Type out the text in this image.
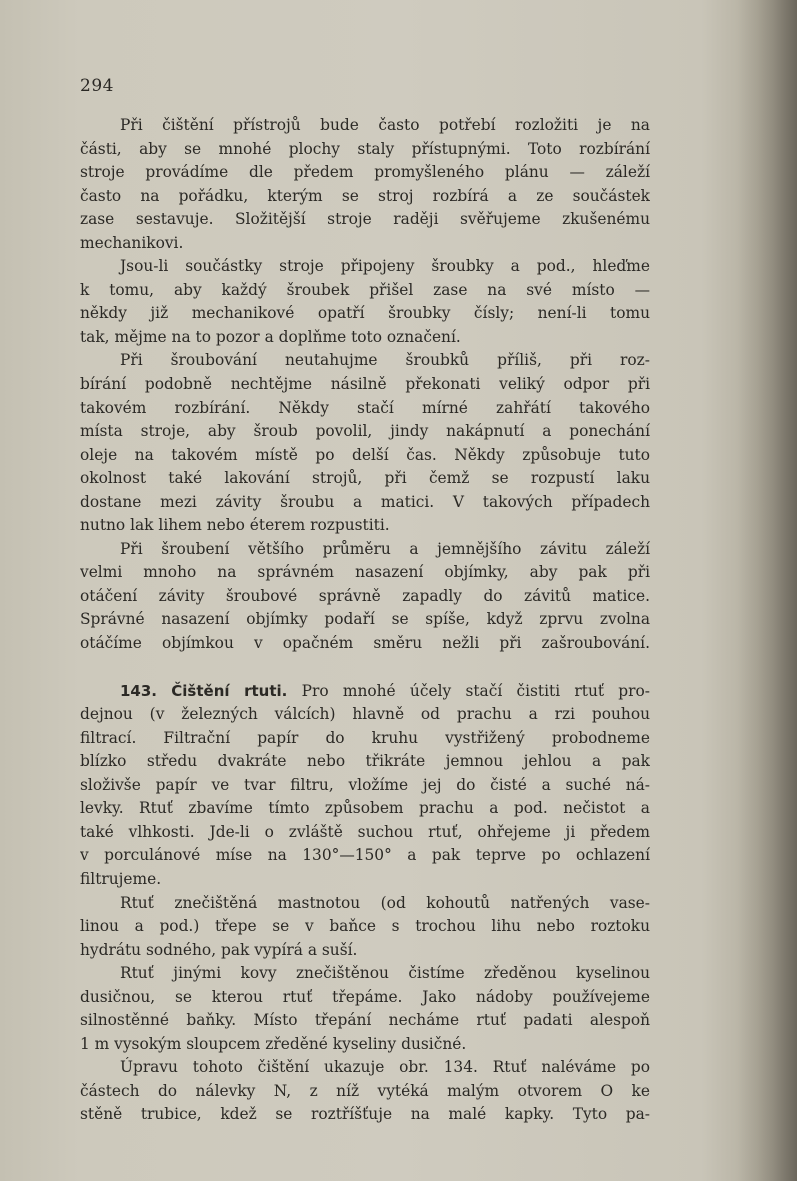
294
Při čištění přístrojů bude často potřebí rozložiti je na
části, aby se mnohé plochy staly přístupnými. Toto rozbírání
stroje provádíme dle předem promyšleného plánu — záleží
často na pořádku, kterým se stroj rozbírá a ze součástek
zase sestavuje. Složitější stroje raději svěřujeme zkušenému
mechanikovi.
Jsou-li součástky stroje připojeny šroubky a pod., hleďme
k tomu, aby každý šroubek přišel zase na své místo —
někdy již mechanikové opatří šroubky čísly; není-li tomu
tak, mějme na to pozor a doplňme toto označení.
Při šroubování neutahujme šroubků příliš, při roz-
bírání podobně nechtějme násilně překonati veliký odpor při
takovém rozbírání. Někdy stačí mírné zahřátí takového
místa stroje, aby šroub povolil, jindy nakápnutí a ponechání
oleje na takovém místě po delší čas. Někdy způsobuje tuto
okolnost také lakování strojů, při čemž se rozpustí laku
dostane mezi závity šroubu a matici. V takových případech
nutno lak lihem nebo éterem rozpustiti.
Při šroubení většího průměru a jemnějšího závitu záleží
velmi mnoho na správném nasazení objímky, aby pak při
otáčení závity šroubové správně zapadly do závitů matice.
Správné nasazení objímky podaří se spíše, když zprvu zvolna
otáčíme objímkou v opačném směru nežli při zašroubování.
143. Čištění rtuti. Pro mnohé účely stačí čistiti rtuť pro-
dejnou (v železných válcích) hlavně od prachu a rzi pouhou
filtrací. Filtrační papír do kruhu vystřižený probodneme
blízko středu dvakráte nebo třikráte jemnou jehlou a pak
složivše papír ve tvar filtru, vložíme jej do čisté a suché ná-
levky. Rtuť zbavíme tímto způsobem prachu a pod. nečistot a
také vlhkosti. Jde-li o zvláště suchou rtuť, ohřejeme ji předem
v porculánové míse na 130°—150° a pak teprve po ochlazení
filtrujeme.
Rtuť znečištěná mastnotou (od kohoutů natřených vase-
linou a pod.) třepe se v baňce s trochou lihu nebo roztoku
hydrátu sodného, pak vypírá a suší.
Rtuť jinými kovy znečištěnou čistíme zředěnou kyselinou
dusičnou, se kterou rtuť třepáme. Jako nádoby používejeme
silnostěnné baňky. Místo třepání necháme rtuť padati alespoň
1 m vysokým sloupcem zředěné kyseliny dusičné.
Úpravu tohoto čištění ukazuje obr. 134. Rtuť naléváme po
částech do nálevky N, z níž vytéká malým otvorem O ke
stěně trubice, kdež se roztříšťuje na malé kapky. Tyto pa-
